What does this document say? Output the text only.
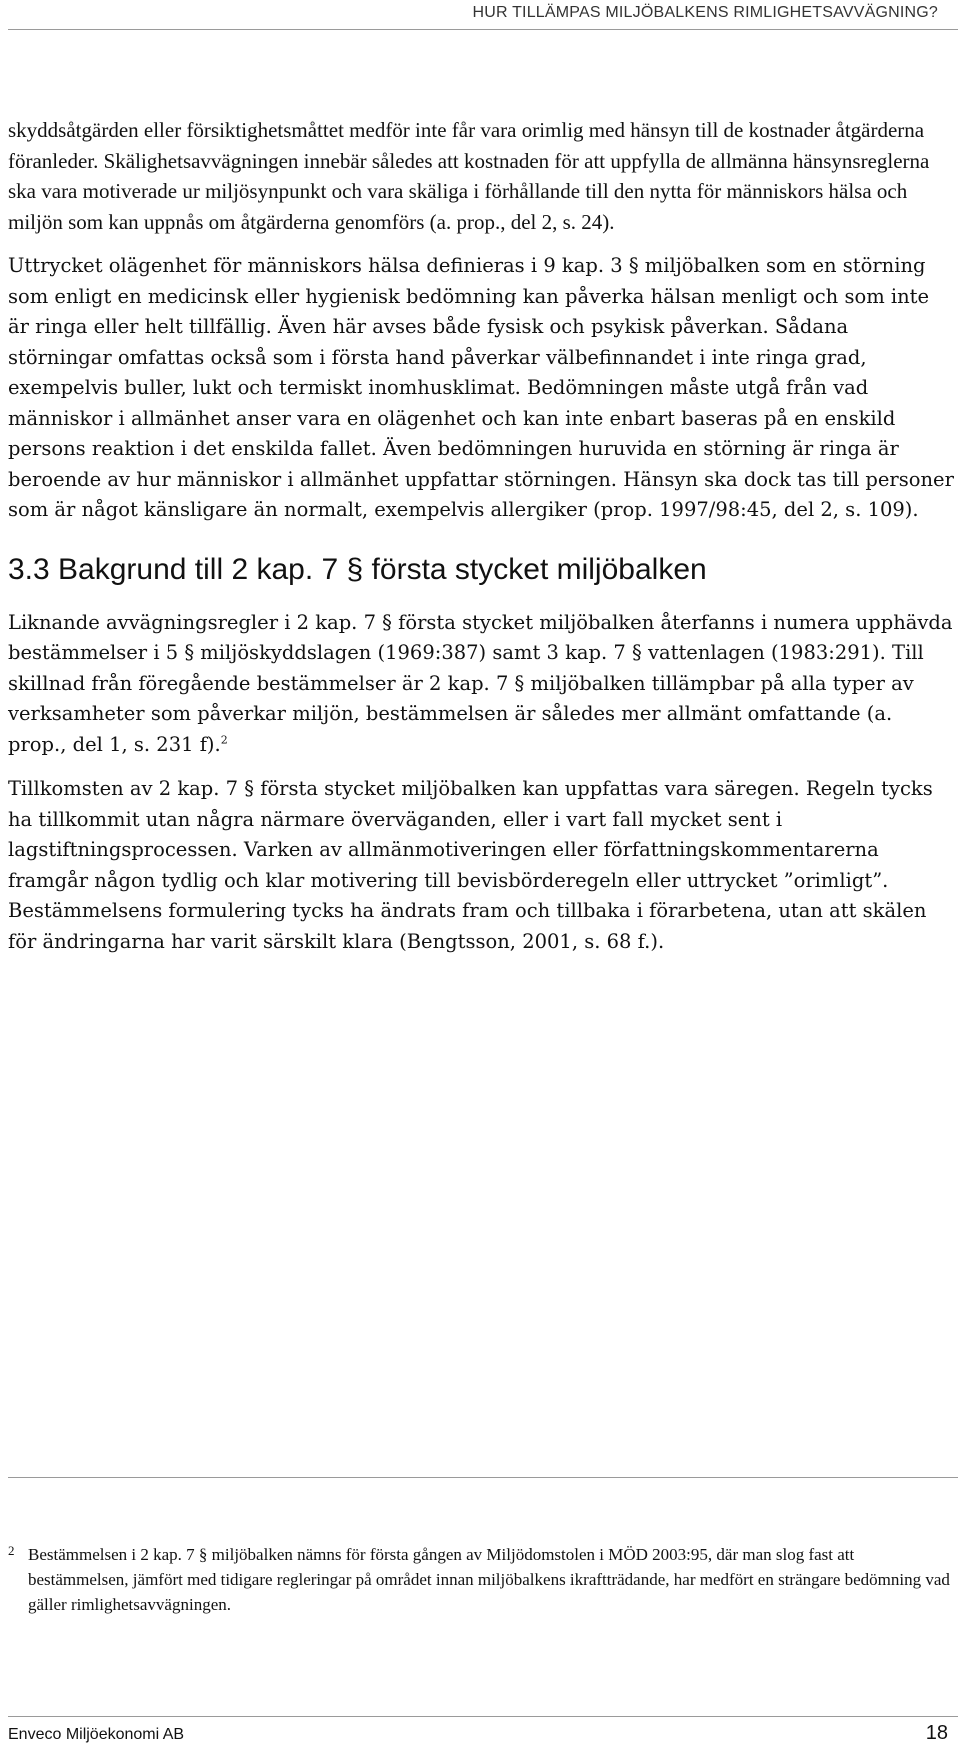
HUR TILLÄMPAS MILJÖBALKENS RIMLIGHETSAVVÄGNING?

skyddsåtgärden eller försiktighetsmåttet medför inte får vara orimlig med hänsyn till de kostnader åtgärderna föranleder. Skälighetsavvägningen innebär således att kostnaden för att uppfylla de allmänna hänsynsreglerna ska vara motiverade ur miljösynpunkt och vara skäliga i förhållande till den nytta för människors hälsa och miljön som kan uppnås om åtgärderna genomförs (a. prop., del 2, s. 24).

Uttrycket olägenhet för människors hälsa definieras i 9 kap. 3 § miljöbalken som en störning som enligt en medicinsk eller hygienisk bedömning kan påverka hälsan menligt och som inte är ringa eller helt tillfällig. Även här avses både fysisk och psykisk påverkan. Sådana störningar omfattas också som i första hand påverkar välbefinnandet i inte ringa grad, exempelvis buller, lukt och termiskt inomhusklimat. Bedömningen måste utgå från vad människor i allmänhet anser vara en olägenhet och kan inte enbart baseras på en enskild persons reaktion i det enskilda fallet. Även bedömningen huruvida en störning är ringa är beroende av hur människor i allmänhet uppfattar störningen. Hänsyn ska dock tas till personer som är något känsligare än normalt, exempelvis allergiker (prop. 1997/98:45, del 2, s. 109).

3.3 Bakgrund till 2 kap. 7 § första stycket miljöbalken

Liknande avvägningsregler i 2 kap. 7 § första stycket miljöbalken återfanns i numera upphävda bestämmelser i 5 § miljöskyddslagen (1969:387) samt 3 kap. 7 § vattenlagen (1983:291). Till skillnad från föregående bestämmelser är 2 kap. 7 § miljöbalken tillämpbar på alla typer av verksamheter som påverkar miljön, bestämmelsen är således mer allmänt omfattande (a. prop., del 1, s. 231 f).$^2$

Tillkomsten av 2 kap. 7 § första stycket miljöbalken kan uppfattas vara säregen. Regeln tycks ha tillkommit utan några närmare överväganden, eller i vart fall mycket sent i lagstiftningsprocessen. Varken av allmänmotiveringen eller författningskommentarerna framgår någon tydlig och klar motivering till bevisbörderegeln eller uttrycket ”orimligt”. Bestämmelsens formulering tycks ha ändrats fram och tillbaka i förarbetena, utan att skälen för ändringarna har varit särskilt klara (Bengtsson, 2001, s. 68 f.).

2 Bestämmelsen i 2 kap. 7 § miljöbalken nämns för första gången av Miljödomstolen i MÖD 2003:95, där man slog fast att bestämmelsen, jämfört med tidigare regleringar på området innan miljöbalkens ikraftträdande, har medfört en strängare bedömning vad gäller rimlighetsavvägningen.
Enveco Miljöekonomi AB	18
